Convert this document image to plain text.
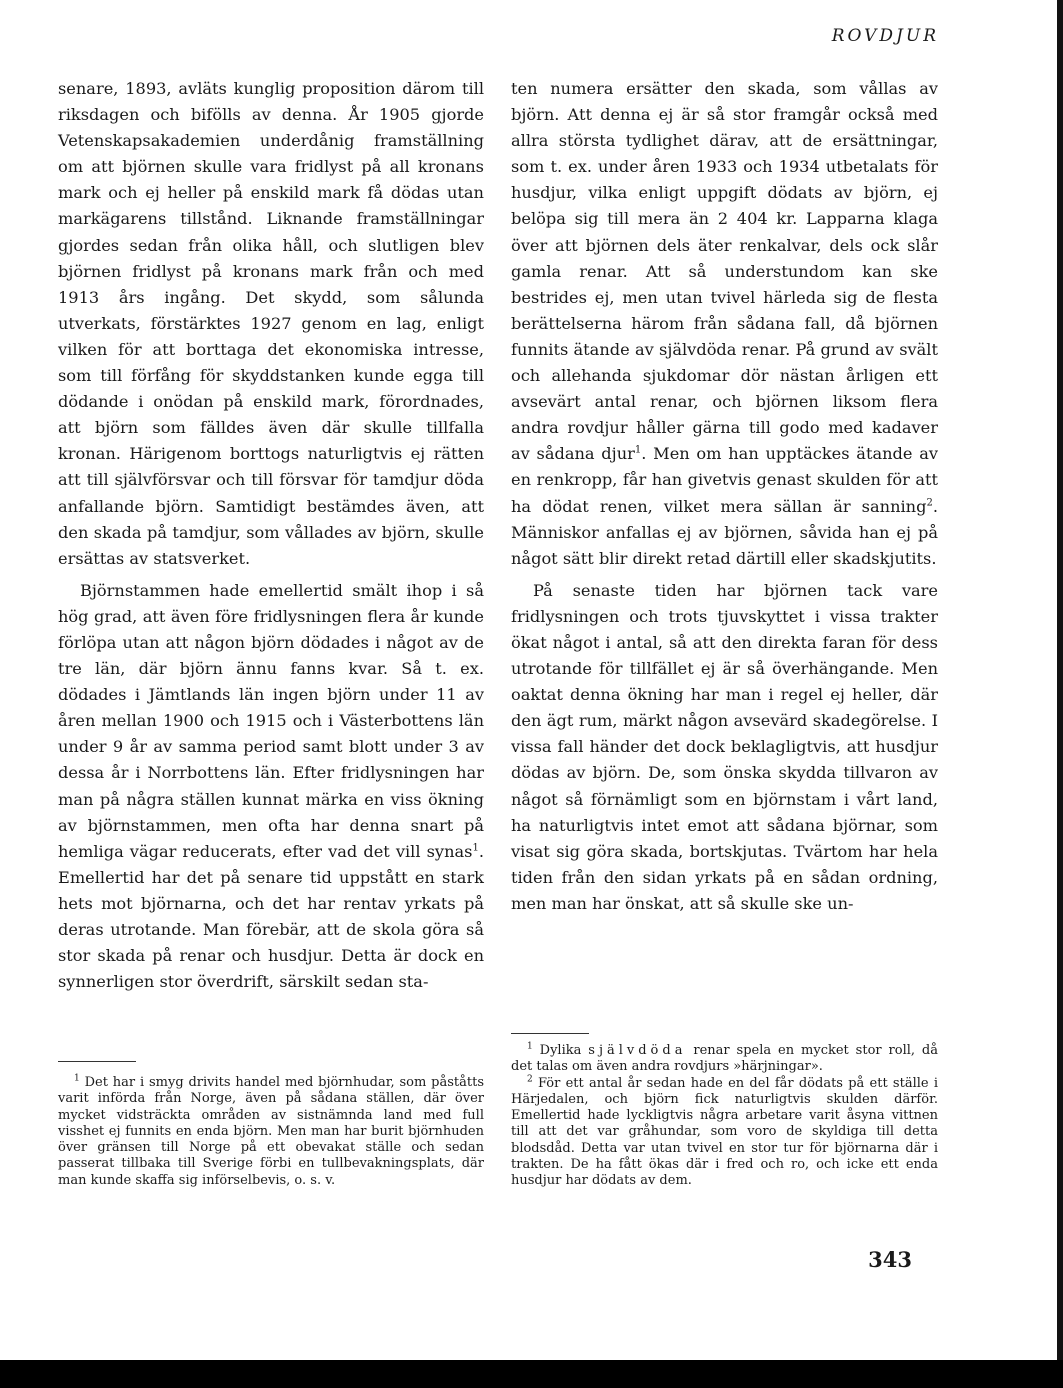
ROVDJUR

senare, 1893, avläts kunglig proposition därom till riksdagen och bifölls av denna. År 1905 gjorde Vetenskapsakademien underdånig framställning om att björnen skulle vara fridlyst på all kronans mark och ej heller på enskild mark få dödas utan markägarens tillstånd. Liknande framställningar gjordes sedan från olika håll, och slutligen blev björnen fridlyst på kronans mark från och med 1913 års ingång. Det skydd, som sålunda utverkats, förstärktes 1927 genom en lag, enligt vilken för att borttaga det ekonomiska intresse, som till förfång för skyddstanken kunde egga till dödande i onödan på enskild mark, förordnades, att björn som fälldes även där skulle tillfalla kronan. Härigenom borttogs naturligtvis ej rätten att till självförsvar och till försvar för tamdjur döda anfallande björn. Samtidigt bestämdes även, att den skada på tamdjur, som vållades av björn, skulle ersättas av statsverket.

Björnstammen hade emellertid smält ihop i så hög grad, att även före fridlysningen flera år kunde förlöpa utan att någon björn dödades i något av de tre län, där björn ännu fanns kvar. Så t. ex. dödades i Jämtlands län ingen björn under 11 av åren mellan 1900 och 1915 och i Västerbottens län under 9 år av samma period samt blott under 3 av dessa år i Norrbottens län. Efter fridlysningen har man på några ställen kunnat märka en viss ökning av björnstammen, men ofta har denna snart på hemliga vägar reducerats, efter vad det vill synas$^1$. Emellertid har det på senare tid uppstått en stark hets mot björnarna, och det har rentav yrkats på deras utrotande. Man förebär, att de skola göra så stor skada på renar och husdjur. Detta är dock en synnerligen stor överdrift, särskilt sedan sta-

ten numera ersätter den skada, som vållas av björn. Att denna ej är så stor framgår också med allra största tydlighet därav, att de ersättningar, som t. ex. under åren 1933 och 1934 utbetalats för husdjur, vilka enligt uppgift dödats av björn, ej belöpa sig till mera än 2 404 kr. Lapparna klaga över att björnen dels äter renkalvar, dels ock slår gamla renar. Att så understundom kan ske bestrides ej, men utan tvivel härleda sig de flesta berättelserna härom från sådana fall, då björnen funnits ätande av självdöda renar. På grund av svält och allehanda sjukdomar dör nästan årligen ett avsevärt antal renar, och björnen liksom flera andra rovdjur håller gärna till godo med kadaver av sådana djur$^1$. Men om han upptäckes ätande av en renkropp, får han givetvis genast skulden för att ha dödat renen, vilket mera sällan är sanning$^2$. Människor anfallas ej av björnen, såvida han ej på något sätt blir direkt retad därtill eller skadskjutits.

På senaste tiden har björnen tack vare fridlysningen och trots tjuvskyttet i vissa trakter ökat något i antal, så att den direkta faran för dess utrotande för tillfället ej är så överhängande. Men oaktat denna ökning har man i regel ej heller, där den ägt rum, märkt någon avsevärd skadegörelse. I vissa fall händer det dock beklagligtvis, att husdjur dödas av björn. De, som önska skydda tillvaron av något så förnämligt som en björnstam i vårt land, ha naturligtvis intet emot att sådana björnar, som visat sig göra skada, bortskjutas. Tvärtom har hela tiden från den sidan yrkats på en sådan ordning, men man har önskat, att så skulle ske un-

$^1$ Det har i smyg drivits handel med björnhudar, som påståtts varit införda från Norge, även på sådana ställen, där över mycket vidsträckta områden av sistnämnda land med full visshet ej funnits en enda björn. Men man har burit björnhuden över gränsen till Norge på ett obevakat ställe och sedan passerat tillbaka till Sverige förbi en tullbevakningsplats, där man kunde skaffa sig införselbevis, o. s. v.

$^1$ Dylika självdöda renar spela en mycket stor roll, då det talas om även andra rovdjurs »härjningar».

$^2$ För ett antal år sedan hade en del får dödats på ett ställe i Härjedalen, och björn fick naturligtvis skulden därför. Emellertid hade lyckligtvis några arbetare varit åsyna vittnen till att det var gråhundar, som voro de skyldiga till detta blodsdåd. Detta var utan tvivel en stor tur för björnarna där i trakten. De ha fått ökas där i fred och ro, och icke ett enda husdjur har dödats av dem.

343
